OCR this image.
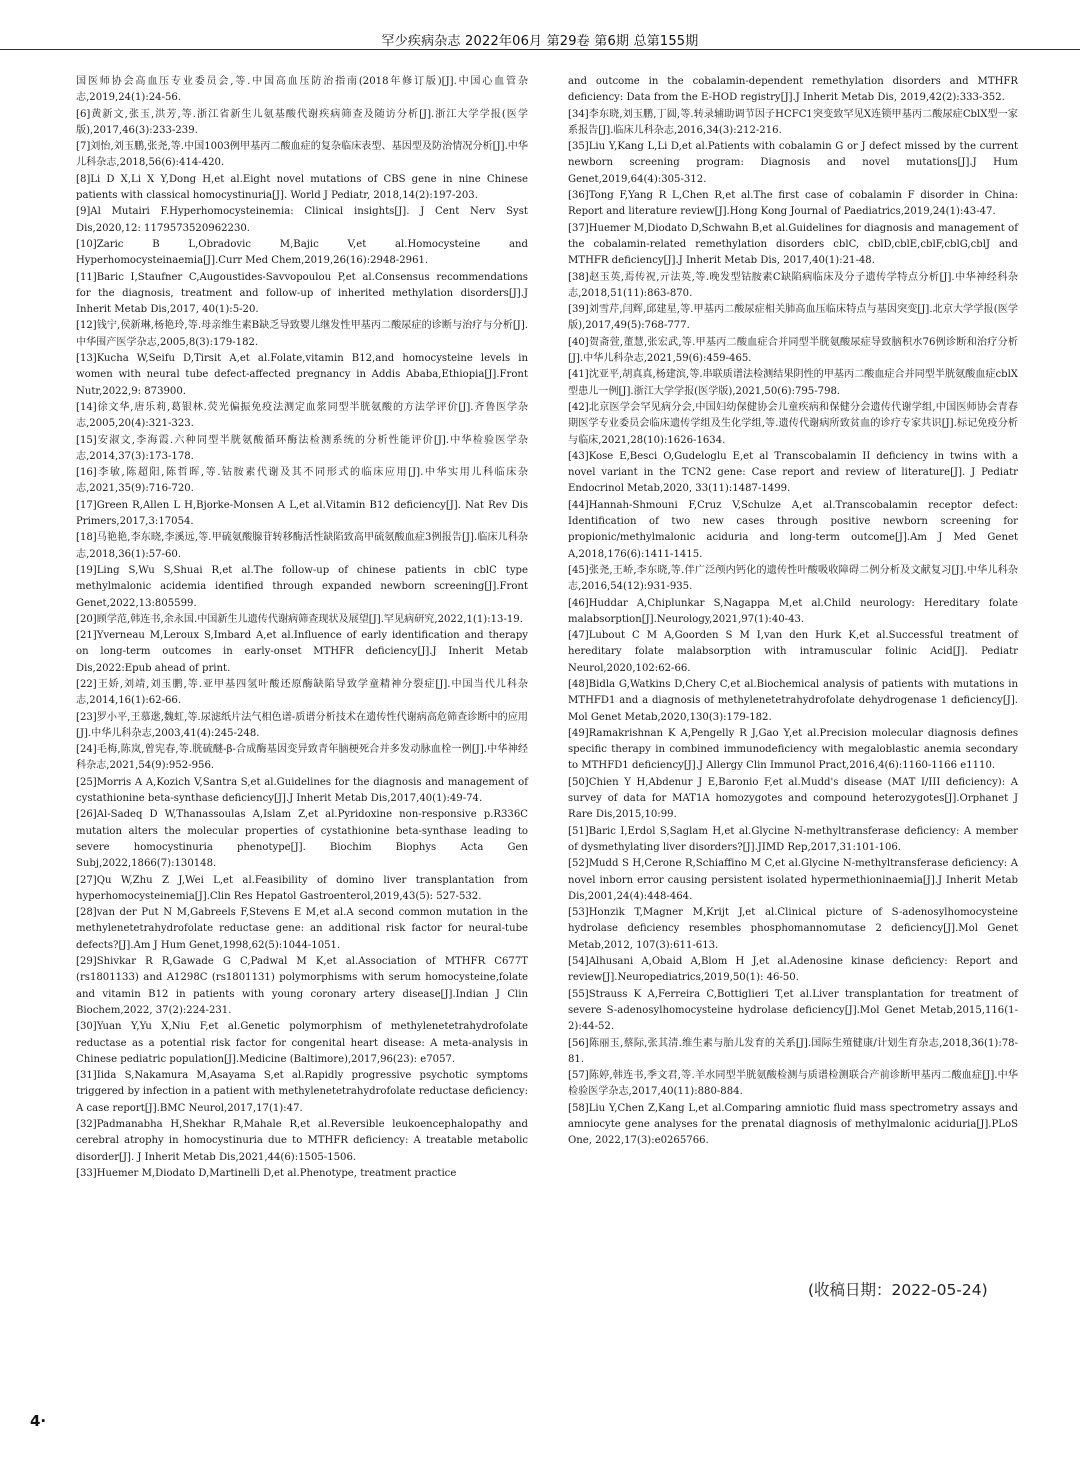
罕少疾病杂志 2022年06月 第29卷 第6期 总第155期

国医师协会高血压专业委员会,等.中国高血压防治指南(2018年修订版)[J].中国心血管杂志,2019,24(1):24-56.

[6]黄新文,张玉,洪芳,等.浙江省新生儿氨基酸代谢疾病筛查及随访分析[J].浙江大学学报(医学版),2017,46(3):233-239.

[7]刘怡,刘玉鹏,张尧,等.中国1003例甲基丙二酸血症的复杂临床表型、基因型及防治情况分析[J].中华儿科杂志,2018,56(6):414-420.

[8]Li D X,Li X Y,Dong H,et al.Eight novel mutations of CBS gene in nine Chinese patients with classical homocystinuria[J]. World J Pediatr, 2018,14(2):197-203.

[9]Al Mutairi F.Hyperhomocysteinemia: Clinical insights[J]. J Cent Nerv Syst Dis,2020,12: 1179573520962230.

[10]Zaric B L,Obradovic M,Bajic V,et al.Homocysteine and Hyperhomocysteinaemia[J].Curr Med Chem,2019,26(16):2948-2961.

[11]Baric I,Staufner C,Augoustides-Savvopoulou P,et al.Consensus recommendations for the diagnosis, treatment and follow-up of inherited methylation disorders[J].J Inherit Metab Dis,2017, 40(1):5-20.

[12]钱宁,侯新琳,杨艳玲,等.母亲维生素B缺乏导致婴儿继发性甲基丙二酸尿症的诊断与治疗与分析[J].中华围产医学杂志,2005,8(3):179-182.

[13]Kucha W,Seifu D,Tirsit A,et al.Folate,vitamin B12,and homocysteine levels in women with neural tube defect-affected pregnancy in Addis Ababa,Ethiopia[J].Front Nutr,2022,9: 873900.

[14]徐文华,唐乐莉,葛银林.荧光偏振免疫法测定血浆同型半胱氨酸的方法学评价[J].齐鲁医学杂志,2005,20(4):321-323.

[15]安淑文,李海霞.六种同型半胱氨酸循环酶法检测系统的分析性能评价[J].中华检验医学杂志,2014,37(3):173-178.

[16]李敏,陈超阳,陈哲晖,等.钴胺素代谢及其不同形式的临床应用[J].中华实用儿科临床杂志,2021,35(9):716-720.

[17]Green R,Allen L H,Bjorke-Monsen A L,et al.Vitamin B12 deficiency[J]. Nat Rev Dis Primers,2017,3:17054.

[18]马艳艳,李东晓,李溪远,等.甲硫氨酸腺苷转移酶活性缺陷致高甲硫氨酸血症3例报告[J].临床儿科杂志,2018,36(1):57-60.

[19]Ling S,Wu S,Shuai R,et al.The follow-up of chinese patients in cblC type methylmalonic acidemia identified through expanded newborn screening[J].Front Genet,2022,13:805599.

[20]顾学范,韩连书,余永国.中国新生儿遗传代谢病筛查现状及展望[J].罕见病研究,2022,1(1):13-19.

[21]Yverneau M,Leroux S,Imbard A,et al.Influence of early identification and therapy on long-term outcomes in early-onset MTHFR deficiency[J].J Inherit Metab Dis,2022:Epub ahead of print.

[22]王娇,刘靖,刘玉鹏,等.亚甲基四氢叶酸还原酶缺陷导致学童精神分裂症[J].中国当代儿科杂志,2014,16(1):62-66.

[23]罗小平,王慕逖,魏虹,等.尿滤纸片法气相色谱-质谱分析技术在遗传性代谢病高危筛查诊断中的应用[J].中华儿科杂志,2003,41(4):245-248.

[24]毛梅,陈岚,曾宪春,等.胱硫醚-β-合成酶基因变异致青年脑梗死合并多发动脉血栓一例[J].中华神经科杂志,2021,54(9):952-956.

[25]Morris A A,Kozich V,Santra S,et al.Guidelines for the diagnosis and management of cystathionine beta-synthase deficiency[J].J Inherit Metab Dis,2017,40(1):49-74.

[26]Al-Sadeq D W,Thanassoulas A,Islam Z,et al.Pyridoxine non-responsive p.R336C mutation alters the molecular properties of cystathionine beta-synthase leading to severe homocystinuria phenotype[J]. Biochim Biophys Acta Gen Subj,2022,1866(7):130148.

[27]Qu W,Zhu Z J,Wei L,et al.Feasibility of domino liver transplantation from hyperhomocysteinemia[J].Clin Res Hepatol Gastroenterol,2019,43(5): 527-532.

[28]van der Put N M,Gabreels F,Stevens E M,et al.A second common mutation in the methylenetetrahydrofolate reductase gene: an additional risk factor for neural-tube defects?[J].Am J Hum Genet,1998,62(5):1044-1051.

[29]Shivkar R R,Gawade G C,Padwal M K,et al.Association of MTHFR C677T (rs1801133) and A1298C (rs1801131) polymorphisms with serum homocysteine,folate and vitamin B12 in patients with young coronary artery disease[J].Indian J Clin Biochem,2022, 37(2):224-231.

[30]Yuan Y,Yu X,Niu F,et al.Genetic polymorphism of methylenetetrahydrofolate reductase as a potential risk factor for congenital heart disease: A meta-analysis in Chinese pediatric population[J].Medicine (Baltimore),2017,96(23): e7057.

[31]Iida S,Nakamura M,Asayama S,et al.Rapidly progressive psychotic symptoms triggered by infection in a patient with methylenetetrahydrofolate reductase deficiency: A case report[J].BMC Neurol,2017,17(1):47.

[32]Padmanabha H,Shekhar R,Mahale R,et al.Reversible leukoencephalopathy and cerebral atrophy in homocystinuria due to MTHFR deficiency: A treatable metabolic disorder[J]. J Inherit Metab Dis,2021,44(6):1505-1506.

[33]Huemer M,Diodato D,Martinelli D,et al.Phenotype, treatment practice

and outcome in the cobalamin-dependent remethylation disorders and MTHFR deficiency: Data from the E-HOD registry[J].J Inherit Metab Dis, 2019,42(2):333-352.

[34]李东晓,刘玉鹏,丁圆,等.转录辅助调节因子HCFC1突变致罕见X连锁甲基丙二酸尿症CblX型一家系报告[J].临床儿科杂志,2016,34(3):212-216.

[35]Liu Y,Kang L,Li D,et al.Patients with cobalamin G or J defect missed by the current newborn screening program: Diagnosis and novel mutations[J].J Hum Genet,2019,64(4):305-312.

[36]Tong F,Yang R L,Chen R,et al.The first case of cobalamin F disorder in China: Report and literature review[J].Hong Kong Journal of Paediatrics,2019,24(1):43-47.

[37]Huemer M,Diodato D,Schwahn B,et al.Guidelines for diagnosis and management of the cobalamin-related remethylation disorders cblC, cblD,cblE,cblF,cblG,cblJ and MTHFR deficiency[J].J Inherit Metab Dis, 2017,40(1):21-48.

[38]赵玉英,焉传祝,亓法英,等.晚发型钴胺素C缺陷病临床及分子遗传学特点分析[J].中华神经科杂志,2018,51(11):863-870.

[39]刘雪芹,闫辉,邱建星,等.甲基丙二酸尿症相关肺高血压临床特点与基因突变[J].北京大学学报(医学版),2017,49(5):768-777.

[40]贺斋萱,董慧,张宏武,等.甲基丙二酸血症合并同型半胱氨酸尿症导致脑积水76例诊断和治疗分析[J].中华儿科杂志,2021,59(6):459-465.

[41]沈亚平,胡真真,杨建滨,等.串联质谱法检测结果阴性的甲基丙二酸血症合并同型半胱氨酸血症cblX型患儿一例[J].浙江大学学报(医学版),2021,50(6):795-798.

[42]北京医学会罕见病分会,中国妇幼保健协会儿童疾病和保健分会遗传代谢学组,中国医师协会青春期医学专业委员会临床遗传学组及生化学组,等.遗传代谢病所致贫血的诊疗专家共识[J].标记免疫分析与临床,2021,28(10):1626-1634.

[43]Kose E,Besci O,Gudeloglu E,et al Transcobalamin II deficiency in twins with a novel variant in the TCN2 gene: Case report and review of literature[J]. J Pediatr Endocrinol Metab,2020, 33(11):1487-1499.

[44]Hannah-Shmouni F,Cruz V,Schulze A,et al.Transcobalamin receptor defect: Identification of two new cases through positive newborn screening for propionic/methylmalonic aciduria and long-term outcome[J].Am J Med Genet A,2018,176(6):1411-1415.

[45]张尧,王峤,李东晓,等.伴广泛颅内钙化的遗传性叶酸吸收障碍二例分析及文献复习[J].中华儿科杂志,2016,54(12):931-935.

[46]Huddar A,Chiplunkar S,Nagappa M,et al.Child neurology: Hereditary folate malabsorption[J].Neurology,2021,97(1):40-43.

[47]Lubout C M A,Goorden S M I,van den Hurk K,et al.Successful treatment of hereditary folate malabsorption with intramuscular folinic Acid[J]. Pediatr Neurol,2020,102:62-66.

[48]Bidla G,Watkins D,Chery C,et al.Biochemical analysis of patients with mutations in MTHFD1 and a diagnosis of methylenetetrahydrofolate dehydrogenase 1 deficiency[J]. Mol Genet Metab,2020,130(3):179-182.

[49]Ramakrishnan K A,Pengelly R J,Gao Y,et al.Precision molecular diagnosis defines specific therapy in combined immunodeficiency with megaloblastic anemia secondary to MTHFD1 deficiency[J].J Allergy Clin Immunol Pract,2016,4(6):1160-1166 e1110.

[50]Chien Y H,Abdenur J E,Baronio F,et al.Mudd's disease (MAT I/III deficiency): A survey of data for MAT1A homozygotes and compound heterozygotes[J].Orphanet J Rare Dis,2015,10:99.

[51]Baric I,Erdol S,Saglam H,et al.Glycine N-methyltransferase deficiency: A member of dysmethylating liver disorders?[J].JIMD Rep,2017,31:101-106.

[52]Mudd S H,Cerone R,Schiaffino M C,et al.Glycine N-methyltransferase deficiency: A novel inborn error causing persistent isolated hypermethioninaemia[J].J Inherit Metab Dis,2001,24(4):448-464.

[53]Honzik T,Magner M,Krijt J,et al.Clinical picture of S-adenosylhomocysteine hydrolase deficiency resembles phosphomannomutase 2 deficiency[J].Mol Genet Metab,2012, 107(3):611-613.

[54]Alhusani A,Obaid A,Blom H J,et al.Adenosine kinase deficiency: Report and review[J].Neuropediatrics,2019,50(1): 46-50.

[55]Strauss K A,Ferreira C,Bottiglieri T,et al.Liver transplantation for treatment of severe S-adenosylhomocysteine hydrolase deficiency[J].Mol Genet Metab,2015,116(1-2):44-52.

[56]陈丽玉,蔡际,张其清.维生素与胎儿发育的关系[J].国际生殖健康/计划生育杂志,2018,36(1):78-81.

[57]陈婷,韩连书,季文君,等.羊水同型半胱氨酸检测与质谱检测联合产前诊断甲基丙二酸血症[J].中华检验医学杂志,2017,40(11):880-884.

[58]Liu Y,Chen Z,Kang L,et al.Comparing amniotic fluid mass spectrometry assays and amniocyte gene analyses for the prenatal diagnosis of methylmalonic aciduria[J].PLoS One, 2022,17(3):e0265766.

(收稿日期：2022-05-24)
4·
